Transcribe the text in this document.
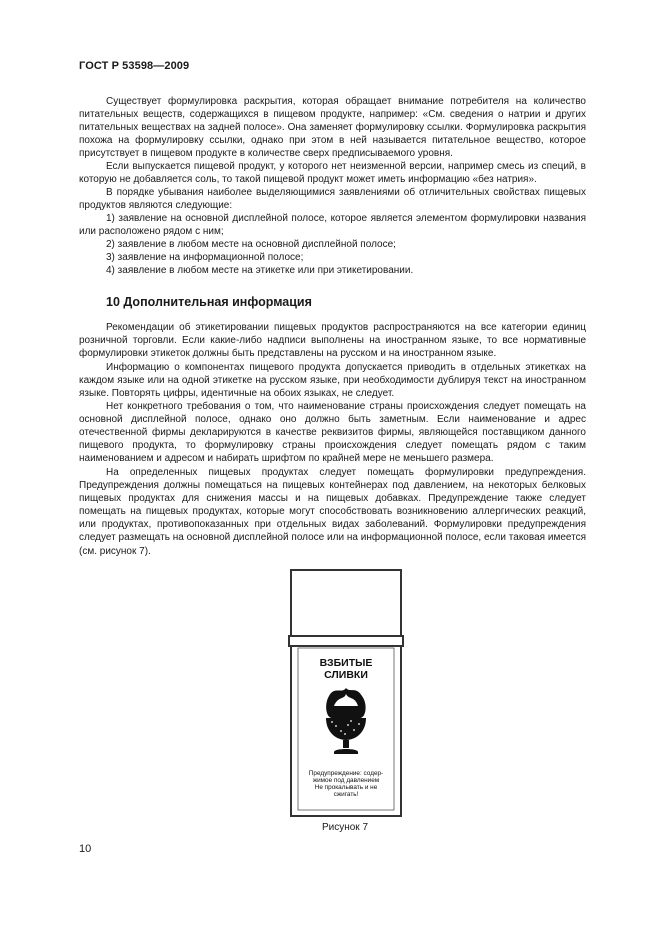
ГОСТ Р 53598—2009

Существует формулировка раскрытия, которая обращает внимание потребителя на количество питательных веществ, содержащихся в пищевом продукте, например: «См. сведения о натрии и других питательных веществах на задней полосе». Она заменяет формулировку ссылки. Формулировка раскрытия похожа на формулировку ссылки, однако при этом в ней называется питательное вещество, которое присутствует в пищевом продукте в количестве сверх предписываемого уровня.

Если выпускается пищевой продукт, у которого нет неизменной версии, например смесь из специй, в которую не добавляется соль, то такой пищевой продукт может иметь информацию «без натрия».

В порядке убывания наиболее выделяющимися заявлениями об отличительных свойствах пищевых продуктов являются следующие:

1) заявление на основной дисплейной полосе, которое является элементом формулировки названия или расположено рядом с ним;

2) заявление в любом месте на основной дисплейной полосе;

3) заявление на информационной полосе;

4) заявление в любом месте на этикетке или при этикетировании.

10 Дополнительная информация

Рекомендации об этикетировании пищевых продуктов распространяются на все категории единиц розничной торговли. Если какие-либо надписи выполнены на иностранном языке, то все нормативные формулировки этикеток должны быть представлены на русском и на иностранном языке.

Информацию о компонентах пищевого продукта допускается приводить в отдельных этикетках на каждом языке или на одной этикетке на русском языке, при необходимости дублируя текст на иностранном языке. Повторять цифры, идентичные на обоих языках, не следует.

Нет конкретного требования о том, что наименование страны происхождения следует помещать на основной дисплейной полосе, однако оно должно быть заметным. Если наименование и адрес отечественной фирмы декларируются в качестве реквизитов фирмы, являющейся поставщиком данного пищевого продукта, то формулировку страны происхождения следует помещать рядом с таким наименованием и адресом и набирать шрифтом по крайней мере не меньшего размера.

На определенных пищевых продуктах следует помещать формулировки предупреждения. Предупреждения должны помещаться на пищевых контейнерах под давлением, на некоторых белковых пищевых продуктах для снижения массы и на пищевых добавках. Предупреждение также следует помещать на пищевых продуктах, которые могут способствовать возникновению аллергических реакций, или продуктах, противопоказанных при отдельных видах заболеваний. Формулировки предупреждения следует размещать на основной дисплейной полосе или на информационной полосе, если таковая имеется (см. рисунок 7).

ВЗБИТЫЕ
СЛИВКИ
Предупреждение: содер-
жимое под давлением
Не прокалывать и не
сжигать!
Рисунок 7
10
